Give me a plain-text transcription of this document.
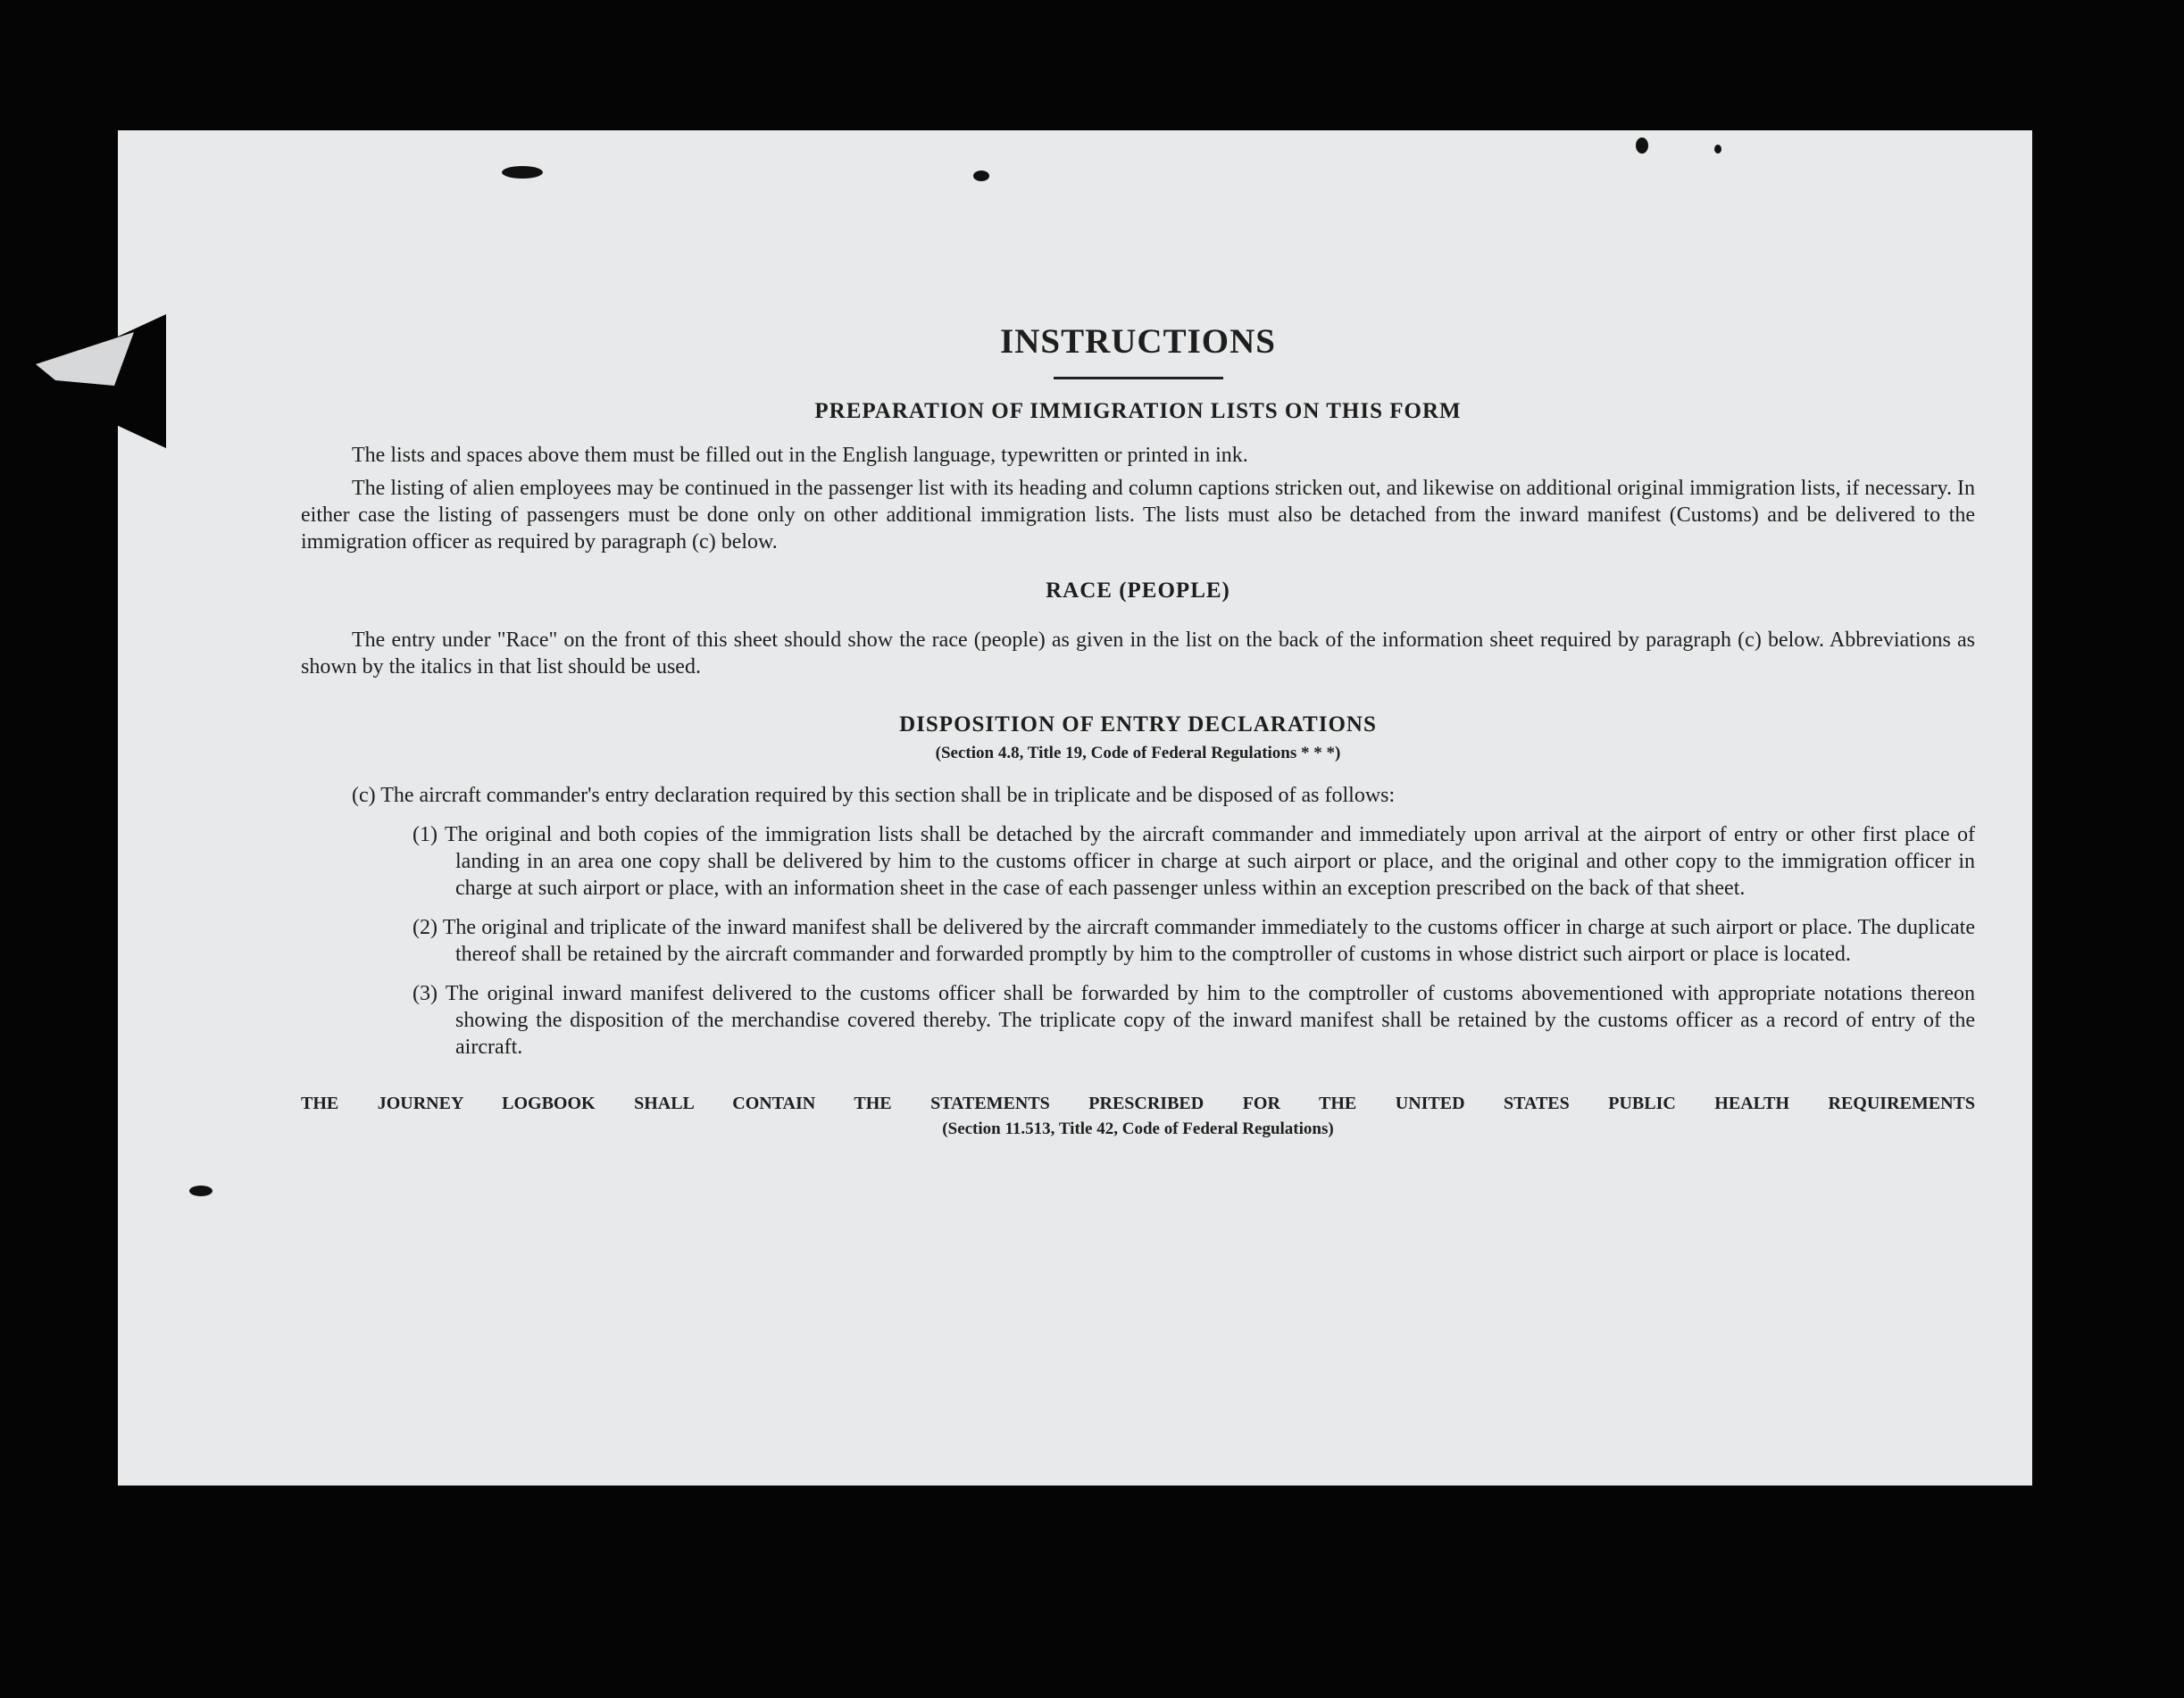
INSTRUCTIONS
PREPARATION OF IMMIGRATION LISTS ON THIS FORM

The lists and spaces above them must be filled out in the English language, typewritten or printed in ink.

The listing of alien employees may be continued in the passenger list with its heading and column captions stricken out, and likewise on additional original immigration lists, if necessary. In either case the listing of passengers must be done only on other additional immigration lists. The lists must also be detached from the inward manifest (Customs) and be delivered to the immigration officer as required by paragraph (c) below.

RACE (PEOPLE)

The entry under "Race" on the front of this sheet should show the race (people) as given in the list on the back of the information sheet required by paragraph (c) below. Abbreviations as shown by the italics in that list should be used.

DISPOSITION OF ENTRY DECLARATIONS

(Section 4.8, Title 19, Code of Federal Regulations * * *)

(c) The aircraft commander's entry declaration required by this section shall be in triplicate and be disposed of as follows:

(1) The original and both copies of the immigration lists shall be detached by the aircraft commander and immediately upon arrival at the airport of entry or other first place of landing in an area one copy shall be delivered by him to the customs officer in charge at such airport or place, and the original and other copy to the immigration officer in charge at such airport or place, with an information sheet in the case of each passenger unless within an exception prescribed on the back of that sheet.

(2) The original and triplicate of the inward manifest shall be delivered by the aircraft commander immediately to the customs officer in charge at such airport or place. The duplicate thereof shall be retained by the aircraft commander and forwarded promptly by him to the comptroller of customs in whose district such airport or place is located.

(3) The original inward manifest delivered to the customs officer shall be forwarded by him to the comptroller of customs abovementioned with appropriate notations thereon showing the disposition of the merchandise covered thereby. The triplicate copy of the inward manifest shall be retained by the customs officer as a record of entry of the aircraft.

THE JOURNEY LOGBOOK SHALL CONTAIN THE STATEMENTS PRESCRIBED FOR THE UNITED STATES PUBLIC HEALTH REQUIREMENTS

(Section 11.513, Title 42, Code of Federal Regulations)
